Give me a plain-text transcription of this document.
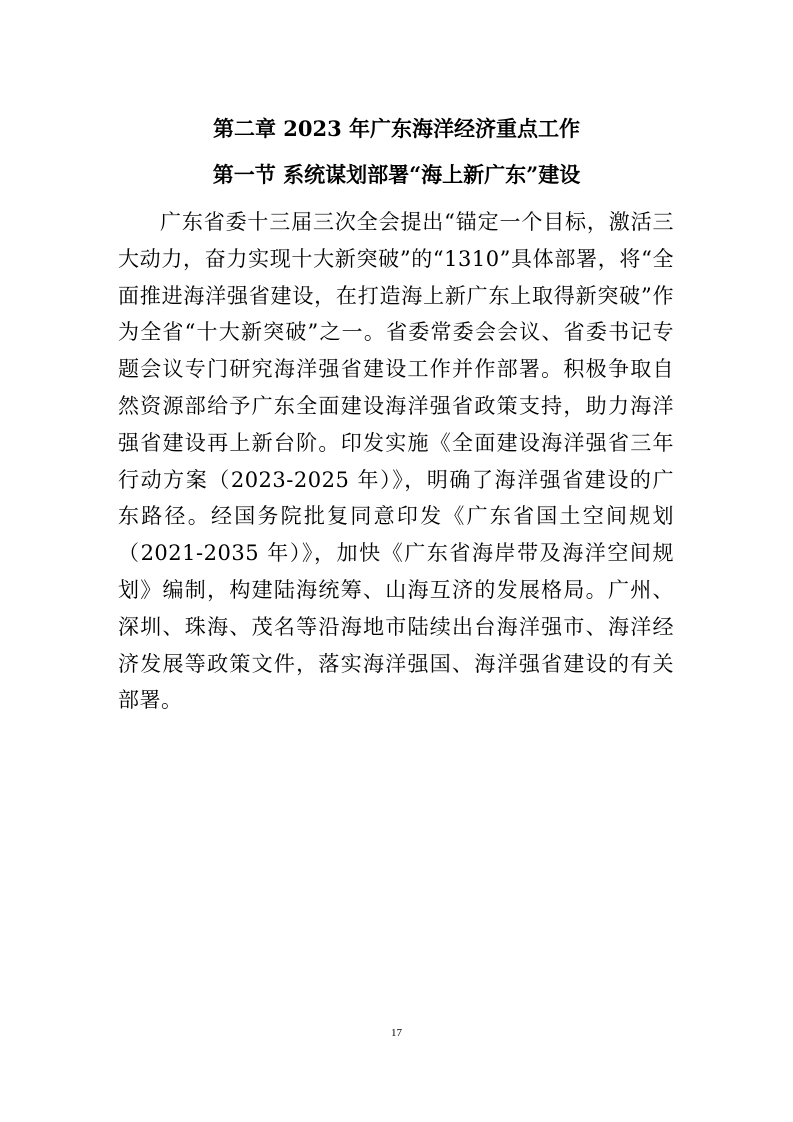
第二章 2023 年广东海洋经济重点工作
第一节 系统谋划部署“海上新广东”建设

广东省委十三届三次全会提出“锚定一个目标，激活三大动力，奋力实现十大新突破”的“1310”具体部署，将“全面推进海洋强省建设，在打造海上新广东上取得新突破”作为全省“十大新突破”之一。省委常委会会议、省委书记专题会议专门研究海洋强省建设工作并作部署。积极争取自然资源部给予广东全面建设海洋强省政策支持，助力海洋强省建设再上新台阶。印发实施《全面建设海洋强省三年行动方案（2023-2025 年）》，明确了海洋强省建设的广东路径。经国务院批复同意印发《广东省国土空间规划（2021-2035 年）》，加快《广东省海岸带及海洋空间规划》编制，构建陆海统筹、山海互济的发展格局。广州、深圳、珠海、茂名等沿海地市陆续出台海洋强市、海洋经济发展等政策文件，落实海洋强国、海洋强省建设的有关部署。

17
